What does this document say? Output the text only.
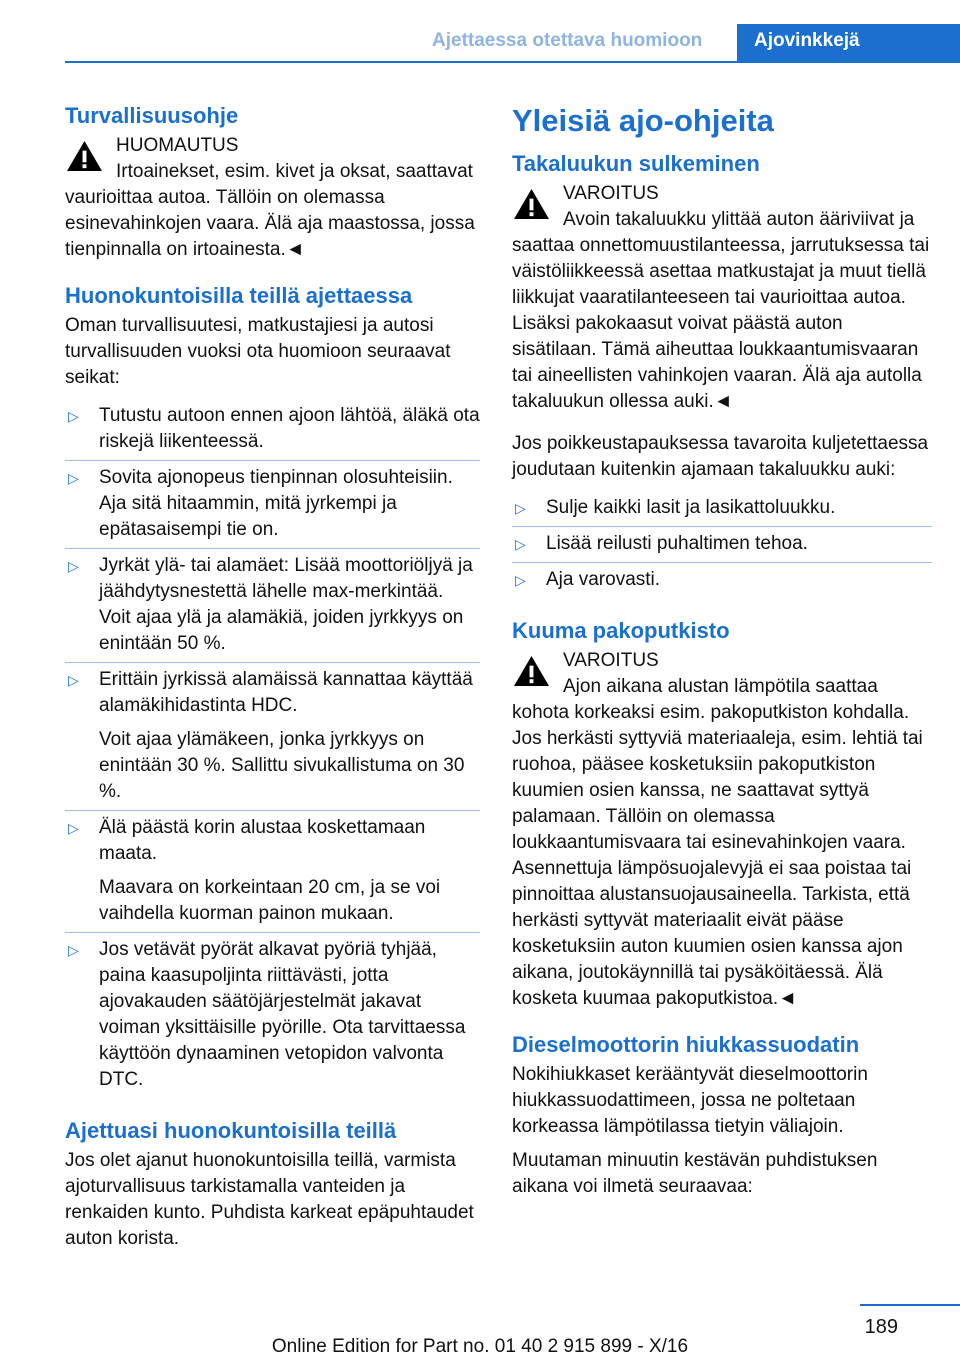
Ajettaessa otettava huomioon	Ajovinkkejä
Turvallisuusohje
HUOMAUTUS
Irtoainekset, esim. kivet ja oksat, saattavat vaurioittaa autoa. Tällöin on olemassa esinevahinkojen vaara. Älä aja maastossa, jossa tienpinnalla on irtoainesta.◄
Huonokuntoisilla teillä ajettaessa

Oman turvallisuutesi, matkustajiesi ja autosi turvallisuuden vuoksi ota huomioon seuraavat seikat:

▷ Tutustu autoon ennen ajoon lähtöä, äläkä ota riskejä liikenteessä.
▷ Sovita ajonopeus tienpinnan olosuhteisiin. Aja sitä hitaammin, mitä jyrkempi ja epätasaisempi tie on.
▷ Jyrkät ylä- tai alamäet: Lisää moottoriöljyä ja jäähdytysnestettä lähelle max-merkintää. Voit ajaa ylä ja alamäkiä, joiden jyrkkyys on enintään 50 %.
▷ Erittäin jyrkissä alamäissä kannattaa käyttää alamäkihidastinta HDC.
Voit ajaa ylämäkeen, jonka jyrkkyys on enintään 30 %. Sallittu sivukallistuma on 30 %.
▷ Älä päästä korin alustaa koskettamaan maata.
Maavara on korkeintaan 20 cm, ja se voi vaihdella kuorman painon mukaan.
▷ Jos vetävät pyörät alkavat pyöriä tyhjää, paina kaasupoljinta riittävästi, jotta ajovakauden säätöjärjestelmät jakavat voiman yksittäisille pyörille. Ota tarvittaessa käyttöön dynaaminen vetopidon valvonta DTC.
Ajettuasi huonokuntoisilla teillä

Jos olet ajanut huonokuntoisilla teillä, varmista ajoturvallisuus tarkistamalla vanteiden ja renkaiden kunto. Puhdista karkeat epäpuhtaudet auton korista.

Yleisiä ajo-ohjeita
Takaluukun sulkeminen
VAROITUS
Avoin takaluukku ylittää auton ääriviivat ja saattaa onnettomuustilanteessa, jarrutuksessa tai väistöliikkeessä asettaa matkustajat ja muut tiellä liikkujat vaaratilanteeseen tai vaurioittaa autoa. Lisäksi pakokaasut voivat päästä auton sisätilaan. Tämä aiheuttaa loukkaantumisvaaran tai aineellisten vahinkojen vaaran. Älä aja autolla takaluukun ollessa auki.◄

Jos poikkeustapauksessa tavaroita kuljetettaessa joudutaan kuitenkin ajamaan takaluukku auki:

▷ Sulje kaikki lasit ja lasikattoluukku.
▷ Lisää reilusti puhaltimen tehoa.
▷ Aja varovasti.
Kuuma pakoputkisto
VAROITUS
Ajon aikana alustan lämpötila saattaa kohota korkeaksi esim. pakoputkiston kohdalla. Jos herkästi syttyviä materiaaleja, esim. lehtiä tai ruohoa, pääsee kosketuksiin pakoputkiston kuumien osien kanssa, ne saattavat syttyä palamaan. Tällöin on olemassa loukkaantumisvaara tai esinevahinkojen vaara. Asennettuja lämpösuojalevyjä ei saa poistaa tai pinnoittaa alustansuojausaineella. Tarkista, että herkästi syttyvät materiaalit eivät pääse kosketuksiin auton kuumien osien kanssa ajon aikana, joutokäynnillä tai pysäköitäessä. Älä kosketa kuumaa pakoputkistoa.◄
Dieselmoottorin hiukkassuodatin

Nokihiukkaset kerääntyvät dieselmoottorin hiukkassuodattimeen, jossa ne poltetaan korkeassa lämpötilassa tietyin väliajoin.

Muutaman minuutin kestävän puhdistuksen aikana voi ilmetä seuraavaa:

189
Online Edition for Part no. 01 40 2 915 899 - X/16
